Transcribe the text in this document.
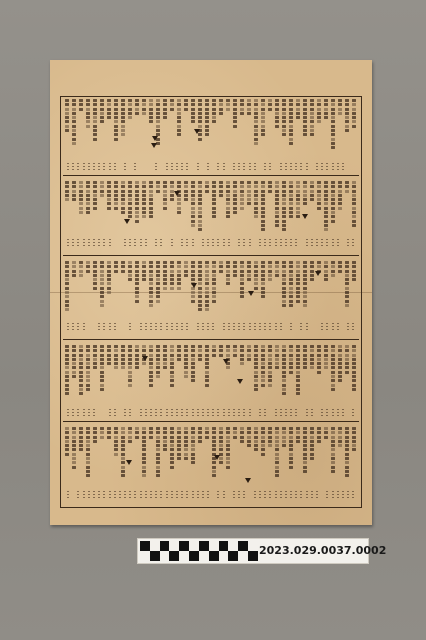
2023.029.0037.0002
